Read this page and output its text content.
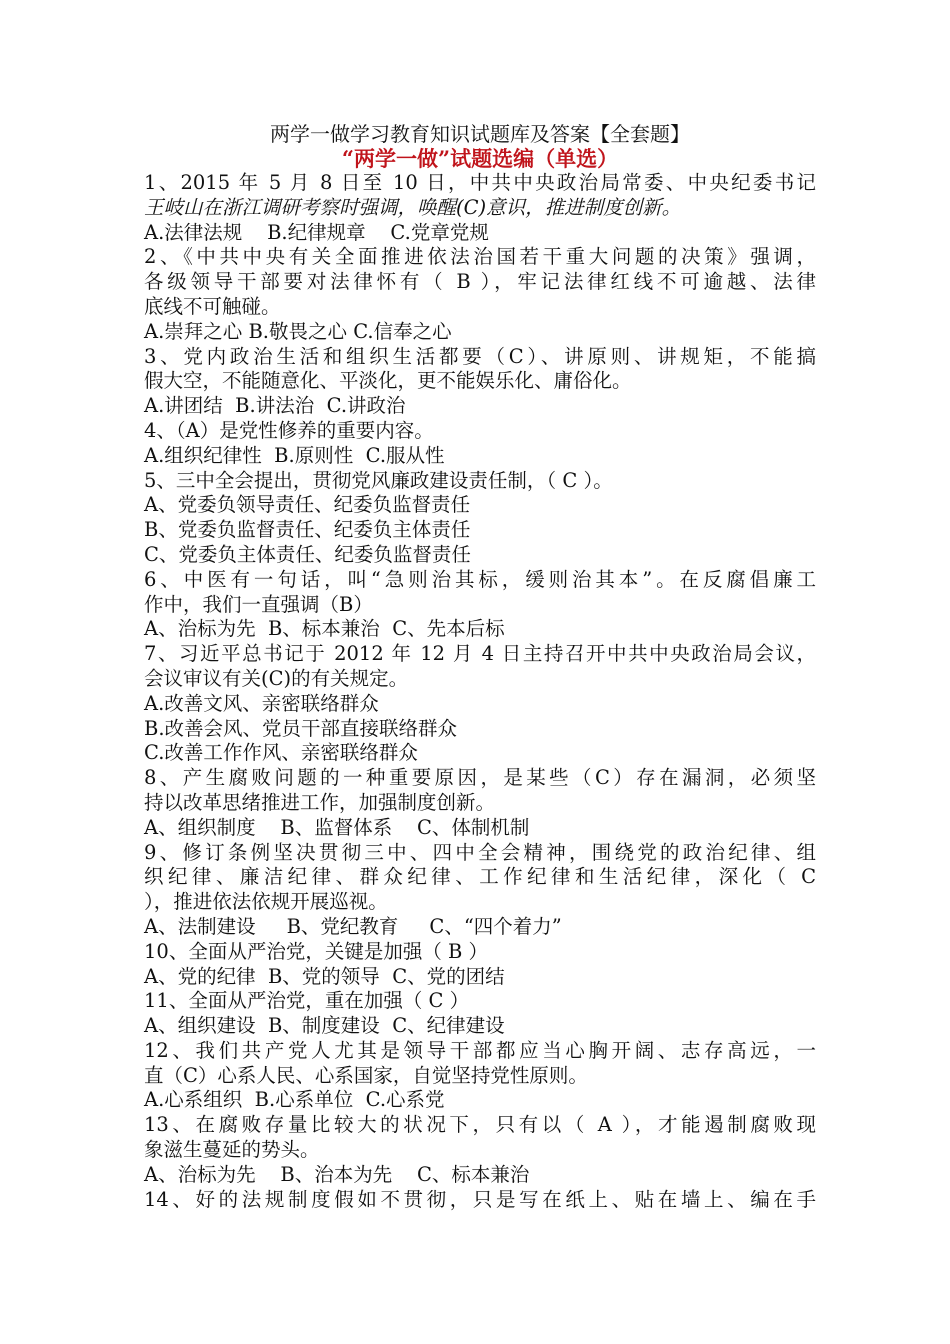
两学一做学习教育知识试题库及答案【全套题】
“两学一做”试题选编（单选）
1、2015 年 5 月 8 日至 10 日，中共中央政治局常委、中央纪委书记
王岐山在浙江调研考察时强调，唤醒(C)意识，推进制度创新。
A.法律法规    B.纪律规章    C.党章党规
2、《中共中央有关全面推进依法治国若干重大问题的决策》强调，
各级领导干部要对法律怀有（ B ），牢记法律红线不可逾越、法律
底线不可触碰。
A.崇拜之心 B.敬畏之心 C.信奉之心
3、党内政治生活和组织生活都要（C）、讲原则、讲规矩，不能搞
假大空，不能随意化、平淡化，更不能娱乐化、庸俗化。
A.讲团结  B.讲法治  C.讲政治
4、（A）是党性修养的重要内容。
A.组织纪律性  B.原则性  C.服从性
5、三中全会提出，贯彻党风廉政建设责任制，（ C ）。
A、党委负领导责任、纪委负监督责任
B、党委负监督责任、纪委负主体责任
C、党委负主体责任、纪委负监督责任
6、中医有一句话，叫“急则治其标，缓则治其本”。在反腐倡廉工
作中，我们一直强调（B）
A、治标为先  B、标本兼治  C、先本后标
7、习近平总书记于 2012 年 12 月 4 日主持召开中共中央政治局会议，
会议审议有关(C)的有关规定。
A.改善文风、亲密联络群众
B.改善会风、党员干部直接联络群众
C.改善工作作风、亲密联络群众
8、产生腐败问题的一种重要原因，是某些（C）存在漏洞，必须坚
持以改革思绪推进工作，加强制度创新。
A、组织制度    B、监督体系    C、体制机制
9、修订条例坚决贯彻三中、四中全会精神，围绕党的政治纪律、组
织纪律、廉洁纪律、群众纪律、工作纪律和生活纪律，深化（ C
），推进依法依规开展巡视。
A、法制建设     B、党纪教育     C、“四个着力”
10、全面从严治党，关键是加强（ B ）
A、党的纪律  B、党的领导  C、党的团结
11、全面从严治党，重在加强（ C ）
A、组织建设  B、制度建设  C、纪律建设
12、我们共产党人尤其是领导干部都应当心胸开阔、志存高远，一
直（C）心系人民、心系国家，自觉坚持党性原则。
A.心系组织  B.心系单位  C.心系党
13、在腐败存量比较大的状况下，只有以（ A ），才能遏制腐败现
象滋生蔓延的势头。
A、治标为先    B、治本为先    C、标本兼治
14、好的法规制度假如不贯彻，只是写在纸上、贴在墙上、编在手
